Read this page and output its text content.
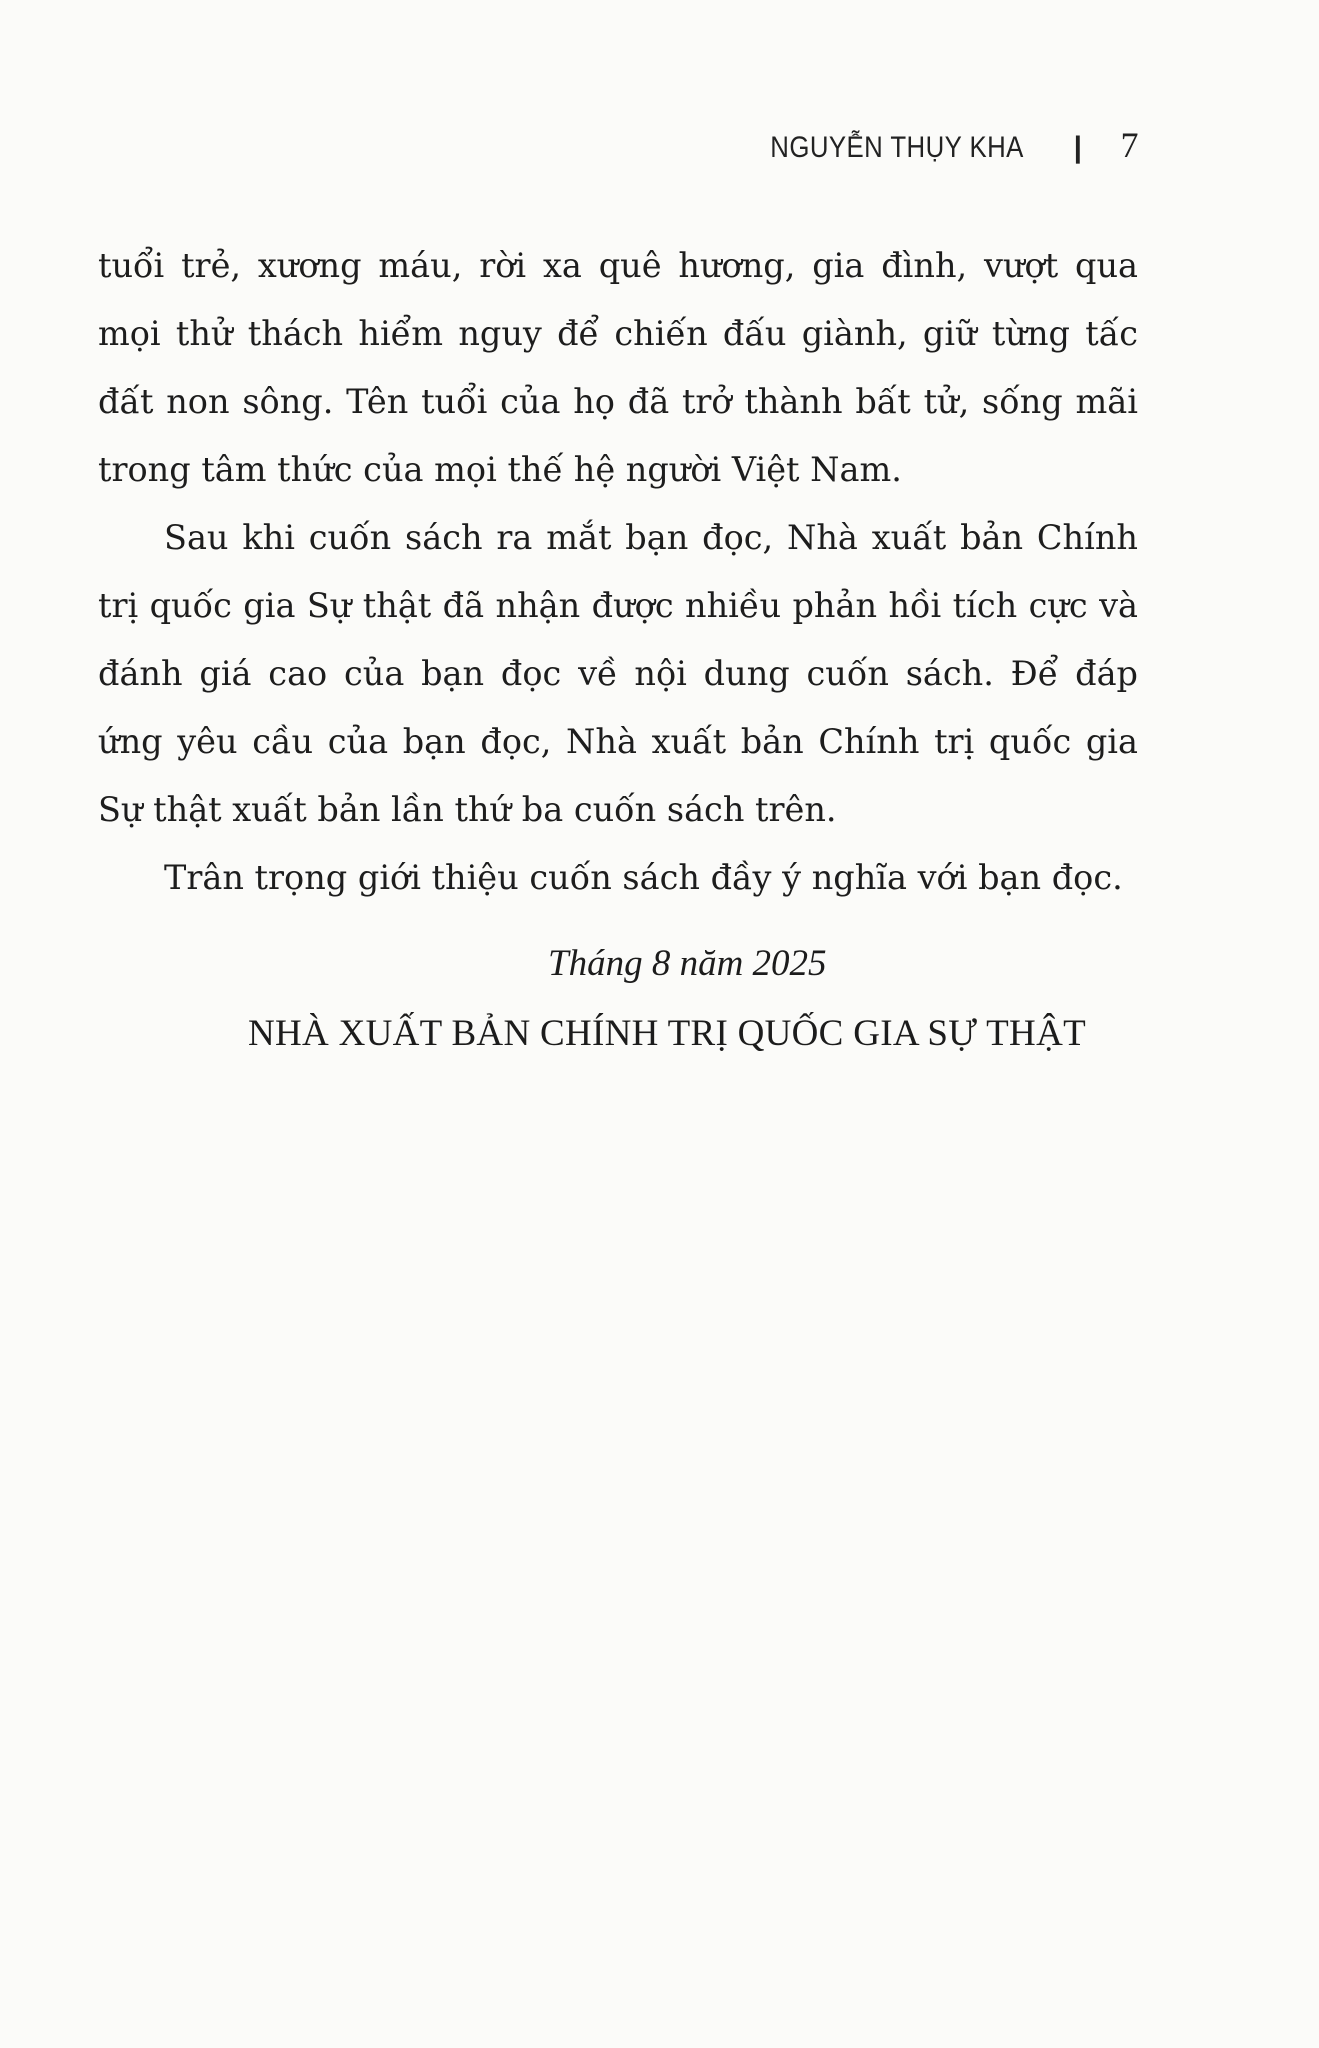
NGUYỄN THỤY KHA | 7

tuổi trẻ, xương máu, rời xa quê hương, gia đình, vượt qua mọi thử thách hiểm nguy để chiến đấu giành, giữ từng tấc đất non sông. Tên tuổi của họ đã trở thành bất tử, sống mãi trong tâm thức của mọi thế hệ người Việt Nam.

Sau khi cuốn sách ra mắt bạn đọc, Nhà xuất bản Chính trị quốc gia Sự thật đã nhận được nhiều phản hồi tích cực và đánh giá cao của bạn đọc về nội dung cuốn sách. Để đáp ứng yêu cầu của bạn đọc, Nhà xuất bản Chính trị quốc gia Sự thật xuất bản lần thứ ba cuốn sách trên.

Trân trọng giới thiệu cuốn sách đầy ý nghĩa với bạn đọc.

Tháng 8 năm 2025
NHÀ XUẤT BẢN CHÍNH TRỊ QUỐC GIA SỰ THẬT
